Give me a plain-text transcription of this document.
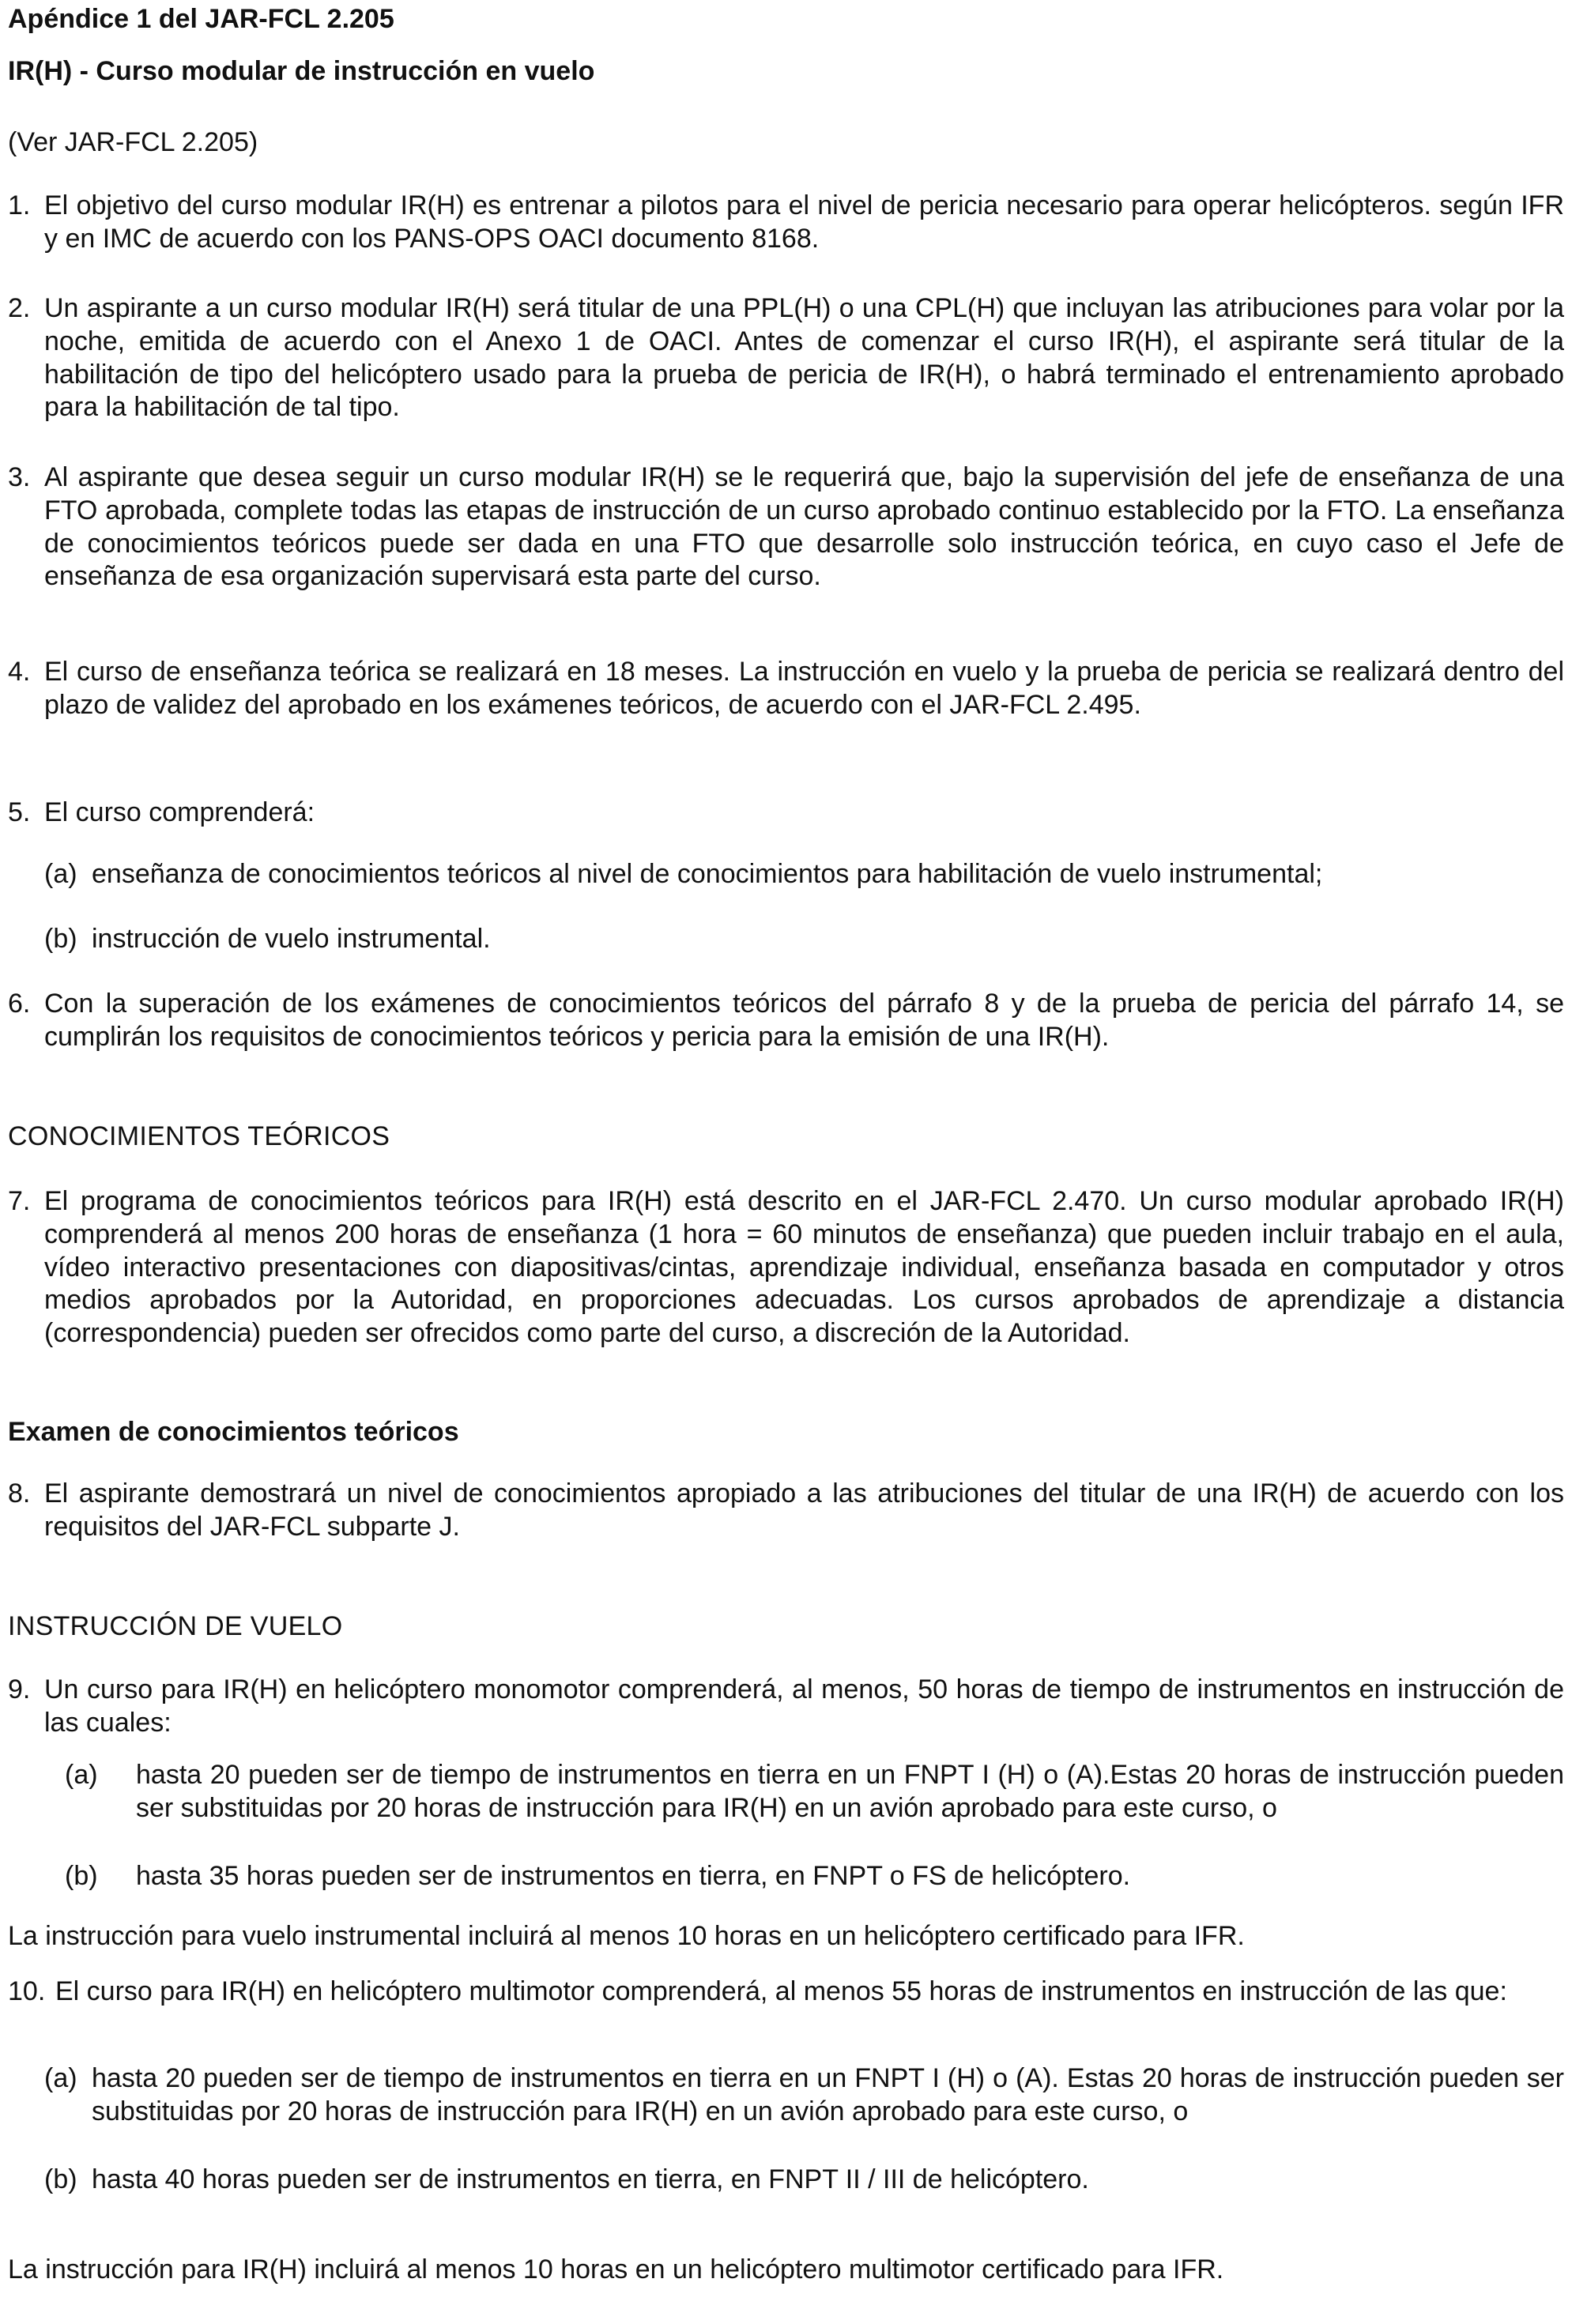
Apéndice 1 del JAR-FCL 2.205

IR(H) - Curso modular de instrucción en vuelo

(Ver JAR-FCL 2.205)

1. El objetivo del curso modular IR(H) es entrenar a pilotos para el nivel de pericia necesario para operar helicópteros. según IFR y en IMC de acuerdo con los PANS-OPS OACI documento 8168.
2. Un aspirante a un curso modular IR(H) será titular de una PPL(H) o una CPL(H) que incluyan las atribuciones para volar por la noche, emitida de acuerdo con el Anexo 1 de OACI. Antes de comenzar el curso IR(H), el aspirante será titular de la habilitación de tipo del helicóptero usado para la prueba de pericia de IR(H), o habrá terminado el entrenamiento aprobado para la habilitación de tal tipo.
3. Al aspirante que desea seguir un curso modular IR(H) se le requerirá que, bajo la supervisión del jefe de enseñanza de una FTO aprobada, complete todas las etapas de instrucción de un curso aprobado continuo establecido por la FTO. La enseñanza de conocimientos teóricos puede ser dada en una FTO que desarrolle solo instrucción teórica, en cuyo caso el Jefe de enseñanza de esa organización supervisará esta parte del curso.
4. El curso de enseñanza teórica se realizará en 18 meses. La instrucción en vuelo y la prueba de pericia se realizará dentro del plazo de validez del aprobado en los exámenes teóricos, de acuerdo con el JAR-FCL 2.495.
5. El curso comprenderá:
(a) enseñanza de conocimientos teóricos al nivel de conocimientos para habilitación de vuelo instrumental;
(b) instrucción de vuelo instrumental.
6. Con la superación de los exámenes de conocimientos teóricos del párrafo 8 y de la prueba de pericia del párrafo 14, se cumplirán los requisitos de conocimientos teóricos y pericia para la emisión de una IR(H).

CONOCIMIENTOS TEÓRICOS

7. El programa de conocimientos teóricos para IR(H) está descrito en el JAR-FCL 2.470. Un curso modular aprobado IR(H) comprenderá al menos 200 horas de enseñanza (1 hora = 60 minutos de enseñanza) que pueden incluir trabajo en el aula, vídeo interactivo presentaciones con diapositivas/cintas, aprendizaje individual, enseñanza basada en computador y otros medios aprobados por la Autoridad, en proporciones adecuadas. Los cursos aprobados de aprendizaje a distancia (correspondencia) pueden ser ofrecidos como parte del curso, a discreción de la Autoridad.

Examen de conocimientos teóricos

8. El aspirante demostrará un nivel de conocimientos apropiado a las atribuciones del titular de una IR(H) de acuerdo con los requisitos del JAR-FCL subparte J.

INSTRUCCIÓN DE VUELO

9. Un curso para IR(H) en helicóptero monomotor comprenderá, al menos, 50 horas de tiempo de instrumentos en instrucción de las cuales:
(a)	hasta 20 pueden ser de tiempo de instrumentos en tierra en un FNPT I (H) o (A).Estas 20 horas de instrucción pueden ser substituidas por 20 horas de instrucción para IR(H) en un avión aprobado para este curso, o
(b)	hasta 35 horas pueden ser de instrumentos en tierra, en FNPT o FS de helicóptero.

La instrucción para vuelo instrumental incluirá al menos 10 horas en un helicóptero certificado para IFR.

10. El curso para IR(H) en helicóptero multimotor comprenderá, al menos 55 horas de instrumentos en instrucción de las que:
(a) hasta 20 pueden ser de tiempo de instrumentos en tierra en un FNPT I (H) o (A). Estas 20 horas de instrucción pueden ser substituidas por 20 horas de instrucción para IR(H) en un avión aprobado para este curso, o
(b) hasta 40 horas pueden ser de instrumentos en tierra, en FNPT II / III de helicóptero.

La instrucción para IR(H) incluirá al menos 10 horas en un helicóptero multimotor certificado para IFR.
